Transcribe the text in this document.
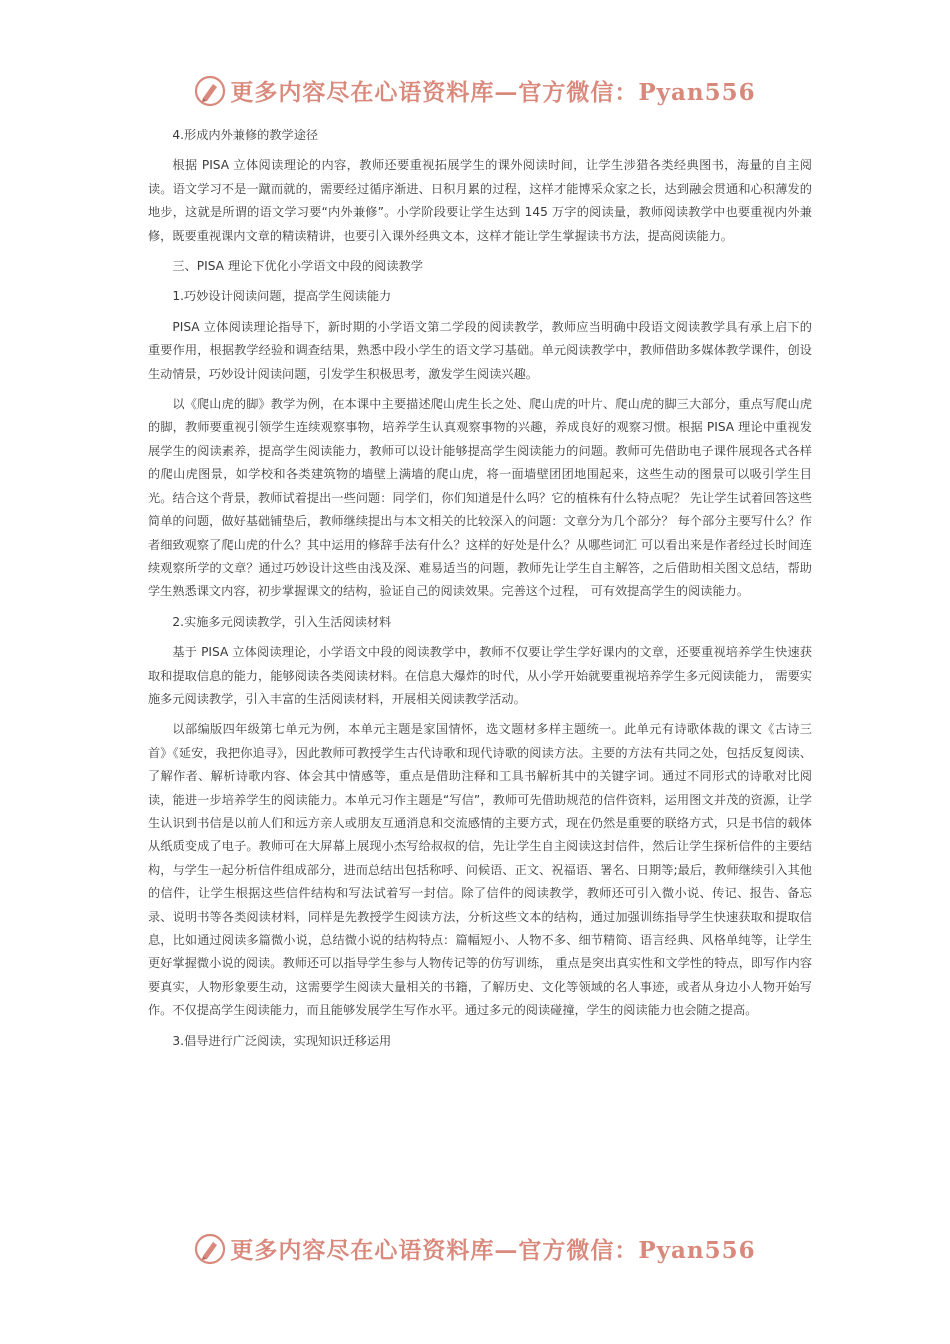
更多内容尽在心语资料库—官方微信：Pyan556

4.形成内外兼修的教学途径

根据 PISA 立体阅读理论的内容，教师还要重视拓展学生的课外阅读时间，让学生涉猎各类经典图书，海量的自主阅读。语文学习不是一蹴而就的，需要经过循序渐进、日积月累的过程，这样才能博采众家之长，达到融会贯通和心积薄发的地步，这就是所谓的语文学习要“内外兼修”。小学阶段要让学生达到 145 万字的阅读量，教师阅读教学中也要重视内外兼修，既要重视课内文章的精读精讲，也要引入课外经典文本，这样才能让学生掌握读书方法，提高阅读能力。

三、PISA 理论下优化小学语文中段的阅读教学

1.巧妙设计阅读问题，提高学生阅读能力

PISA 立体阅读理论指导下，新时期的小学语文第二学段的阅读教学，教师应当明确中段语文阅读教学具有承上启下的重要作用，根据教学经验和调查结果，熟悉中段小学生的语文学习基础。单元阅读教学中，教师借助多媒体教学课件，创设生动情景，巧妙设计阅读问题，引发学生积极思考，激发学生阅读兴趣。

以《爬山虎的脚》教学为例，在本课中主要描述爬山虎生长之处、爬山虎的叶片、爬山虎的脚三大部分，重点写爬山虎的脚，教师要重视引领学生连续观察事物，培养学生认真观察事物的兴趣，养成良好的观察习惯。根据 PISA 理论中重视发展学生的阅读素养，提高学生阅读能力，教师可以设计能够提高学生阅读能力的问题。教师可先借助电子课件展现各式各样的爬山虎图景，如学校和各类建筑物的墙壁上满墙的爬山虎，将一面墙壁团团地围起来，这些生动的图景可以吸引学生目光。结合这个背景，教师试着提出一些问题：同学们，你们知道是什么吗？它的植株有什么特点呢？ 先让学生试着回答这些简单的问题，做好基础铺垫后，教师继续提出与本文相关的比较深入的问题：文章分为几个部分？ 每个部分主要写什么？作者细致观察了爬山虎的什么？其中运用的修辞手法有什么？这样的好处是什么？从哪些词汇 可以看出来是作者经过长时间连续观察所学的文章？通过巧妙设计这些由浅及深、难易适当的问题，教师先让学生自主解答，之后借助相关图文总结，帮助学生熟悉课文内容，初步掌握课文的结构，验证自己的阅读效果。完善这个过程， 可有效提高学生的阅读能力。

2.实施多元阅读教学，引入生活阅读材料

基于 PISA 立体阅读理论，小学语文中段的阅读教学中，教师不仅要让学生学好课内的文章，还要重视培养学生快速获取和提取信息的能力，能够阅读各类阅读材料。在信息大爆炸的时代，从小学开始就要重视培养学生多元阅读能力， 需要实施多元阅读教学，引入丰富的生活阅读材料，开展相关阅读教学活动。

以部编版四年级第七单元为例，本单元主题是家国情怀，选文题材多样主题统一。此单元有诗歌体裁的课文《古诗三首》《延安，我把你追寻》，因此教师可教授学生古代诗歌和现代诗歌的阅读方法。主要的方法有共同之处，包括反复阅读、了解作者、解析诗歌内容、体会其中情感等，重点是借助注释和工具书解析其中的关键字词。通过不同形式的诗歌对比阅读，能进一步培养学生的阅读能力。本单元习作主题是“写信”，教师可先借助规范的信件资料，运用图文并茂的资源，让学生认识到书信是以前人们和远方亲人或朋友互通消息和交流感情的主要方式，现在仍然是重要的联络方式，只是书信的载体从纸质变成了电子。教师可在大屏幕上展现小杰写给叔叔的信，先让学生自主阅读这封信件，然后让学生探析信件的主要结构，与学生一起分析信件组成部分，进而总结出包括称呼、问候语、正文、祝福语、署名、日期等;最后，教师继续引入其他的信件，让学生根据这些信件结构和写法试着写一封信。除了信件的阅读教学，教师还可引入微小说、传记、报告、备忘录、说明书等各类阅读材料，同样是先教授学生阅读方法，分析这些文本的结构，通过加强训练指导学生快速获取和提取信息，比如通过阅读多篇微小说，总结微小说的结构特点：篇幅短小、人物不多、细节精简、语言经典、风格单纯等，让学生更好掌握微小说的阅读。教师还可以指导学生参与人物传记等的仿写训练， 重点是突出真实性和文学性的特点，即写作内容要真实，人物形象要生动，这需要学生阅读大量相关的书籍，了解历史、文化等领域的名人事迹，或者从身边小人物开始写作。不仅提高学生阅读能力，而且能够发展学生写作水平。通过多元的阅读碰撞，学生的阅读能力也会随之提高。

3.倡导进行广泛阅读，实现知识迁移运用

更多内容尽在心语资料库—官方微信：Pyan556
